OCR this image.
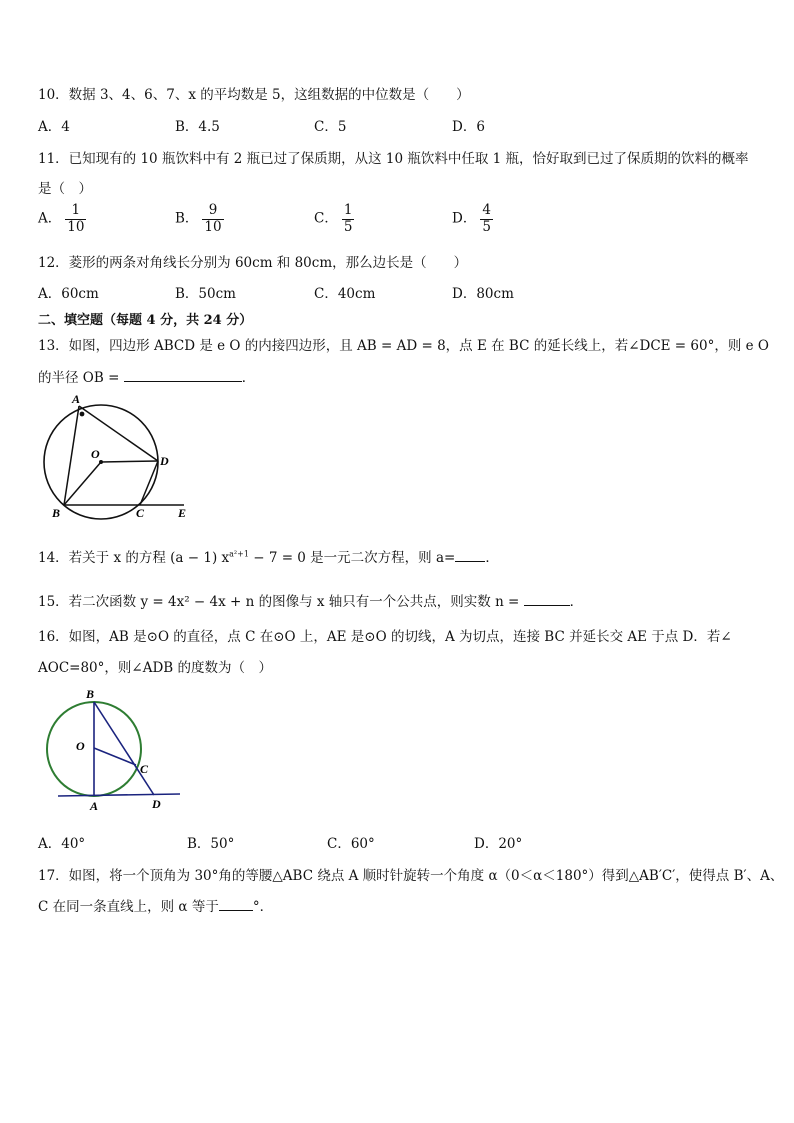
10．数据 3、4、6、7、x 的平均数是 5，这组数据的中位数是（　　）
A．4	B．4.5	C．5	D．6
11．已知现有的 10 瓶饮料中有 2 瓶已过了保质期，从这 10 瓶饮料中任取 1 瓶，恰好取到已过了保质期的饮料的概率
是（　）
A． $\frac{1}{10}$	B． $\frac{9}{10}$	C． $\frac{1}{5}$	D． $\frac{4}{5}$
12．菱形的两条对角线长分别为 60cm 和 80cm，那么边长是（　　）
A．60cm	B．50cm	C．40cm	D．80cm
二、填空题（每题 4 分，共 24 分）
13．如图，四边形 ABCD 是 e O 的内接四边形，且 AB = AD = 8，点 E 在 BC 的延长线上，若∠DCE = 60°，则 e O
的半径 OB =	．
A
O	D
B	C	E
14．若关于 x 的方程 (a − 1) $x^{a^2+1} - 7 = 0$ 是一元二次方程，则 a= ．
15．若二次函数 y = 4x² − 4x + n 的图像与 x 轴只有一个公共点，则实数 n =	．
16．如图，AB 是⊙O 的直径，点 C 在⊙O 上，AE 是⊙O 的切线，A 为切点，连接 BC 并延长交 AE 于点 D．若∠
AOC=80°，则∠ADB 的度数为（　）
B
O
C
A	D
A．40°	B．50°	C．60°	D．20°
17．如图，将一个顶角为 30°角的等腰△ABC 绕点 A 顺时针旋转一个角度 α（0＜α＜180°）得到△AB′C′，使得点 B′、A、
C 在同一条直线上，则 α 等于	°．
